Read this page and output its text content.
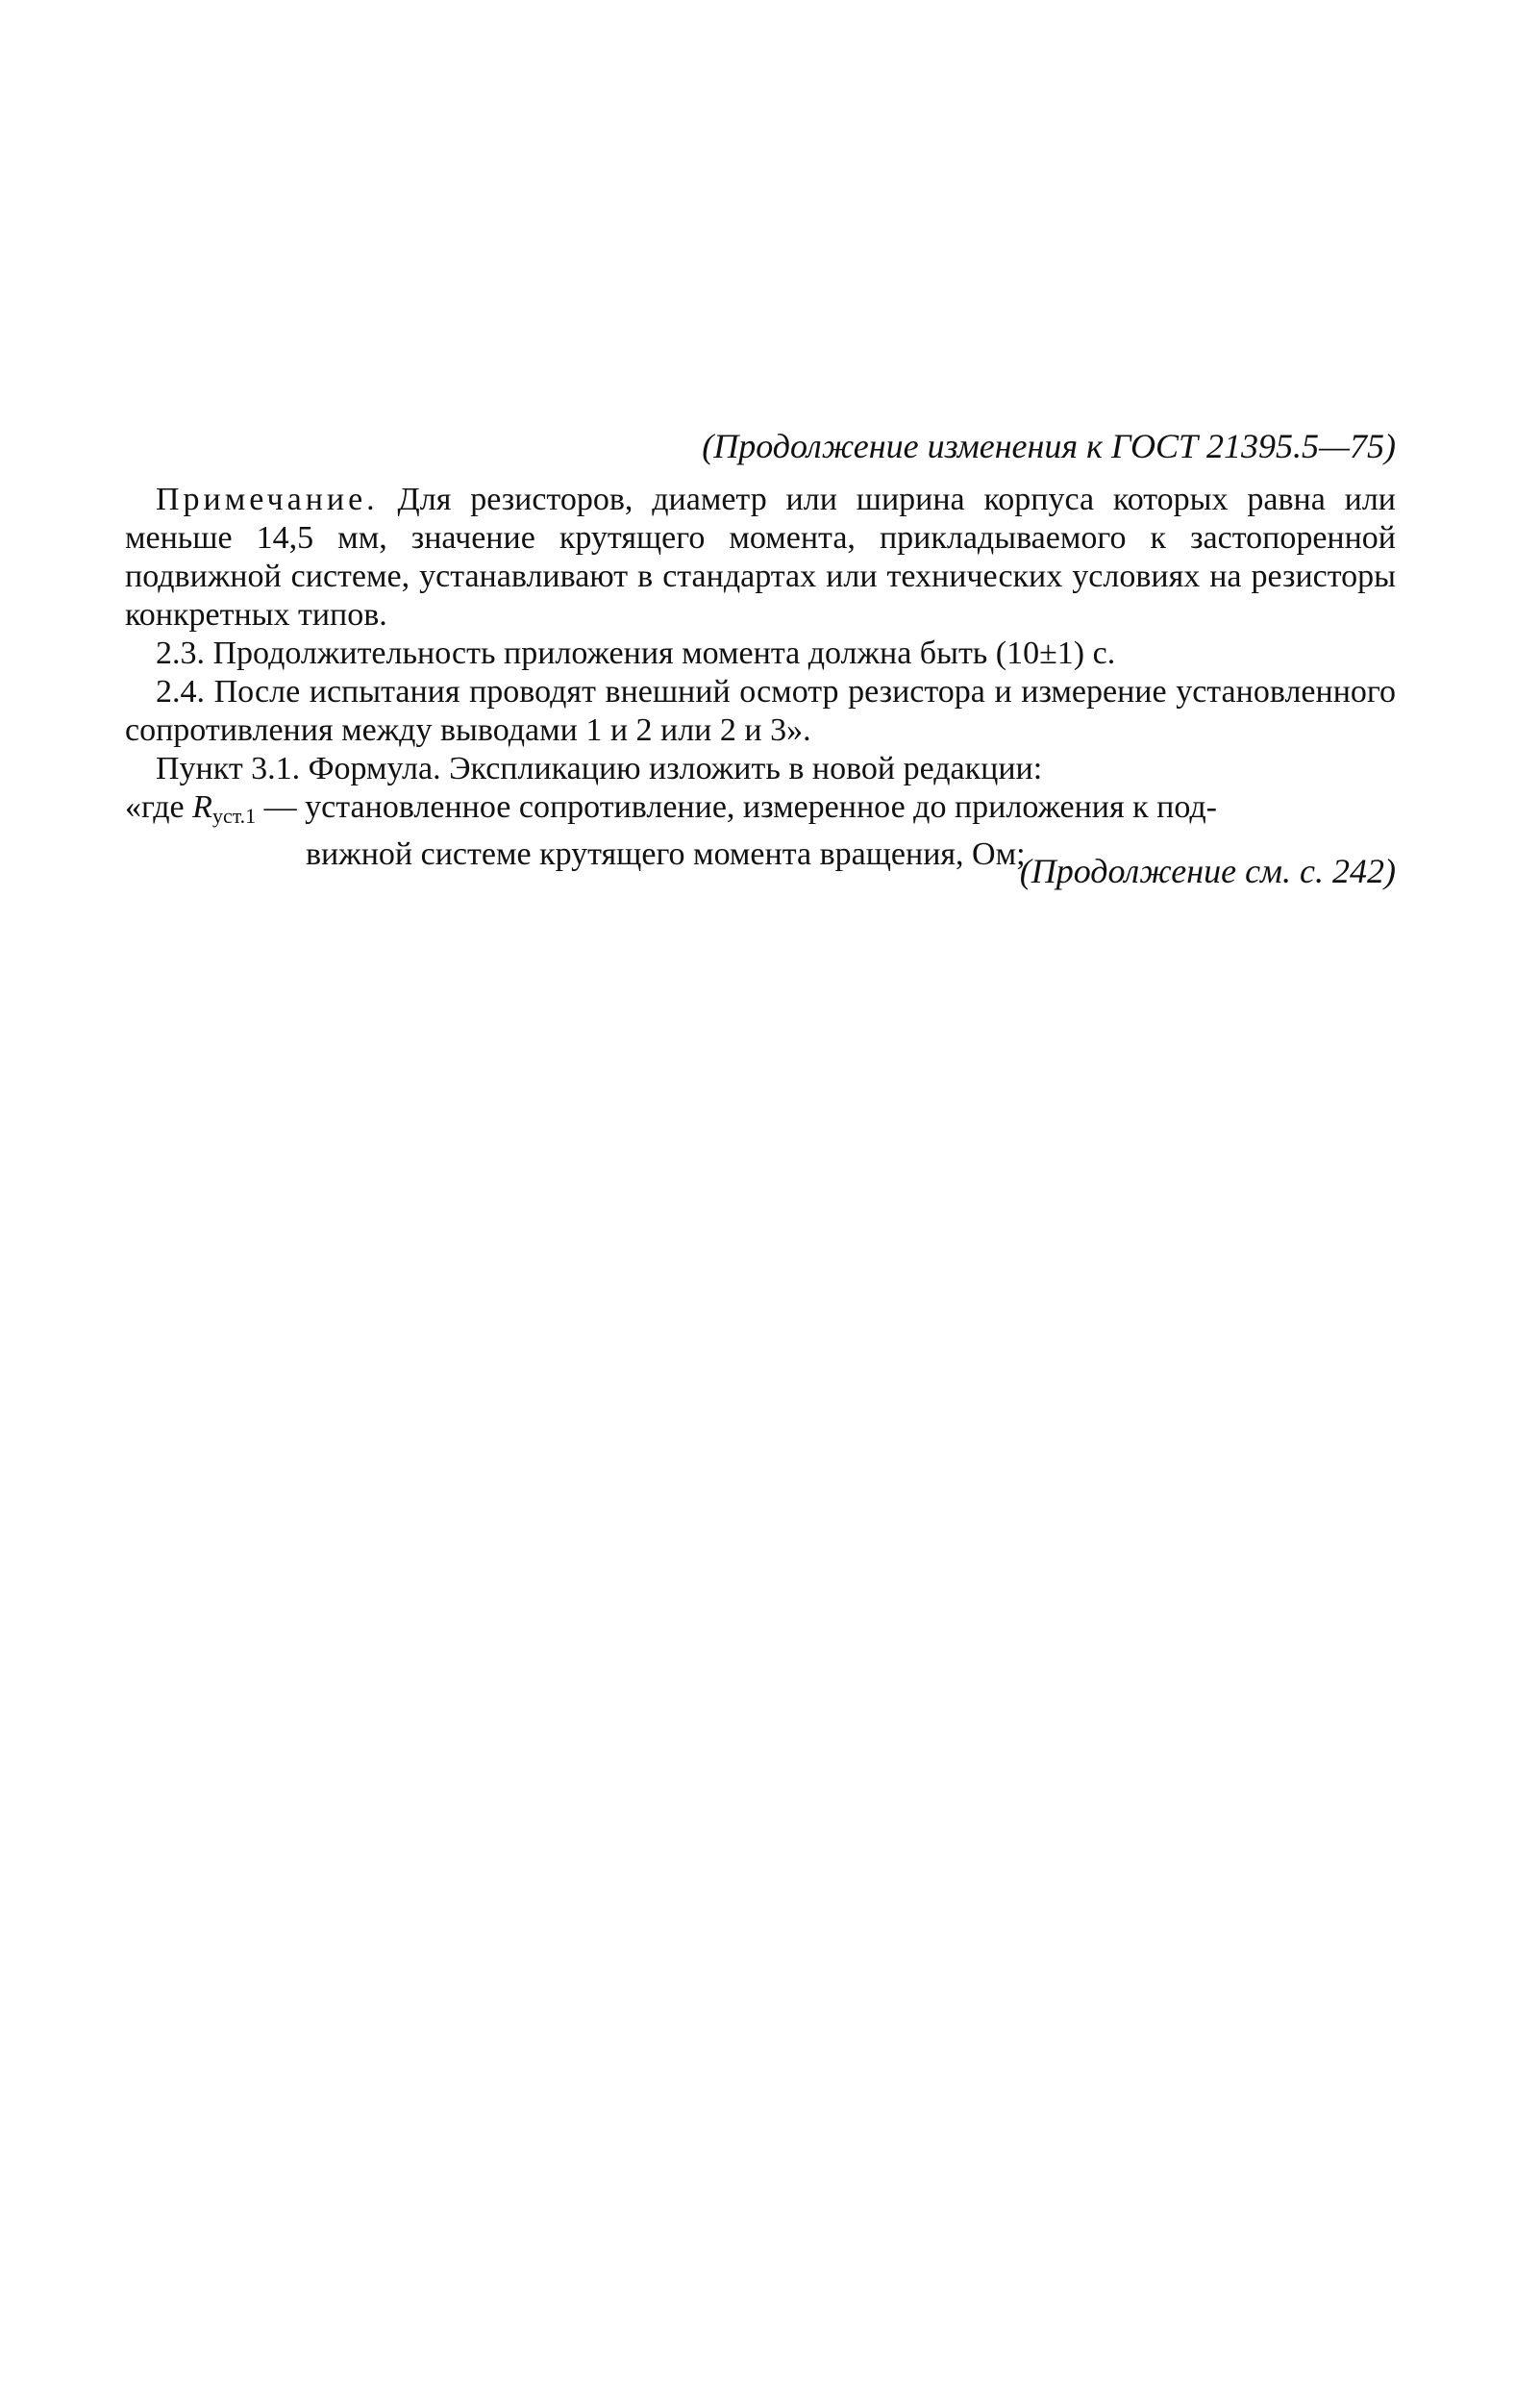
(Продолжение изменения к ГОСТ 21395.5—75)

Примечание. Для резисторов, диаметр или ширина корпуса которых равна или меньше 14,5 мм, значение крутящего момента, прикладываемого к застопоренной подвижной системе, устанавливают в стандартах или технических условиях на резисторы конкретных типов.

2.3. Продолжительность приложения момента должна быть (10±1) с.

2.4. После испытания проводят внешний осмотр резистора и измерение установленного сопротивления между выводами 1 и 2 или 2 и 3».

Пункт 3.1. Формула. Экспликацию изложить в новой редакции:

«где $R_{уст.1}$ — установленное сопротивление, измеренное до приложения к под-

вижной системе крутящего момента вращения, Ом;

(Продолжение см. с. 242)
